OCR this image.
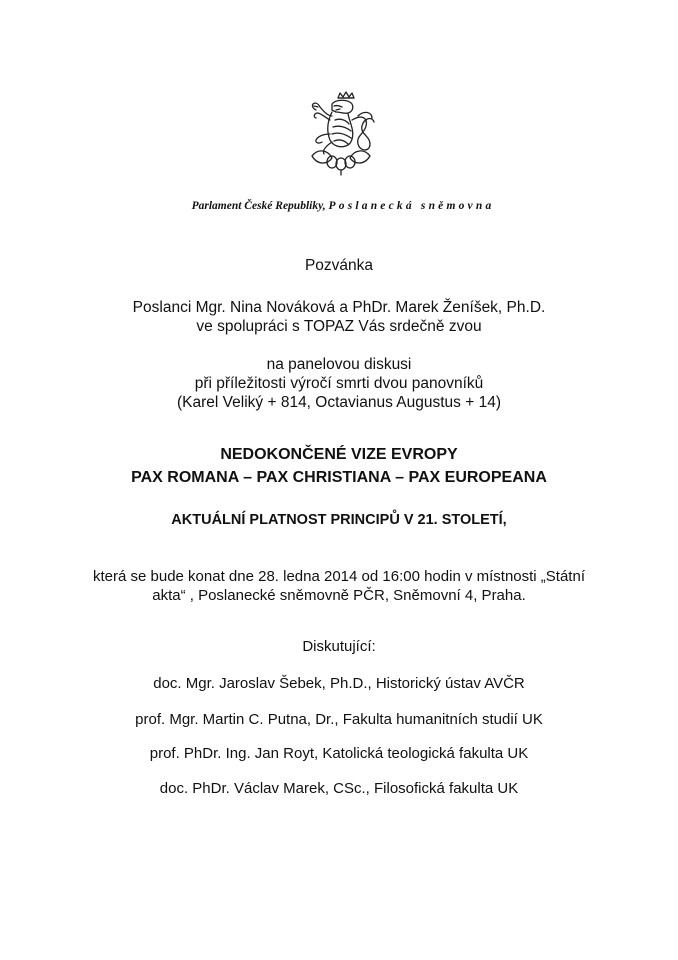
Parlament České Republiky, Poslanecká sněmovna
Pozvánka
Poslanci Mgr. Nina Nováková a PhDr. Marek Ženíšek, Ph.D.
ve spolupráci s TOPAZ Vás srdečně zvou
na panelovou diskusi
při příležitosti výročí smrti dvou panovníků
(Karel Veliký + 814, Octavianus Augustus + 14)
NEDOKONČENÉ VIZE EVROPY
PAX ROMANA – PAX CHRISTIANA – PAX EUROPEANA
AKTUÁLNÍ PLATNOST PRINCIPŮ V 21. STOLETÍ,
která se bude konat dne 28. ledna 2014 od 16:00 hodin v místnosti „Státní
akta“ , Poslanecké sněmovně PČR, Sněmovní 4, Praha.
Diskutující:
doc. Mgr. Jaroslav Šebek, Ph.D., Historický ústav AVČR
prof. Mgr. Martin C. Putna, Dr., Fakulta humanitních studií UK
prof. PhDr. Ing. Jan Royt, Katolická teologická fakulta UK
doc. PhDr. Václav Marek, CSc., Filosofická fakulta UK
